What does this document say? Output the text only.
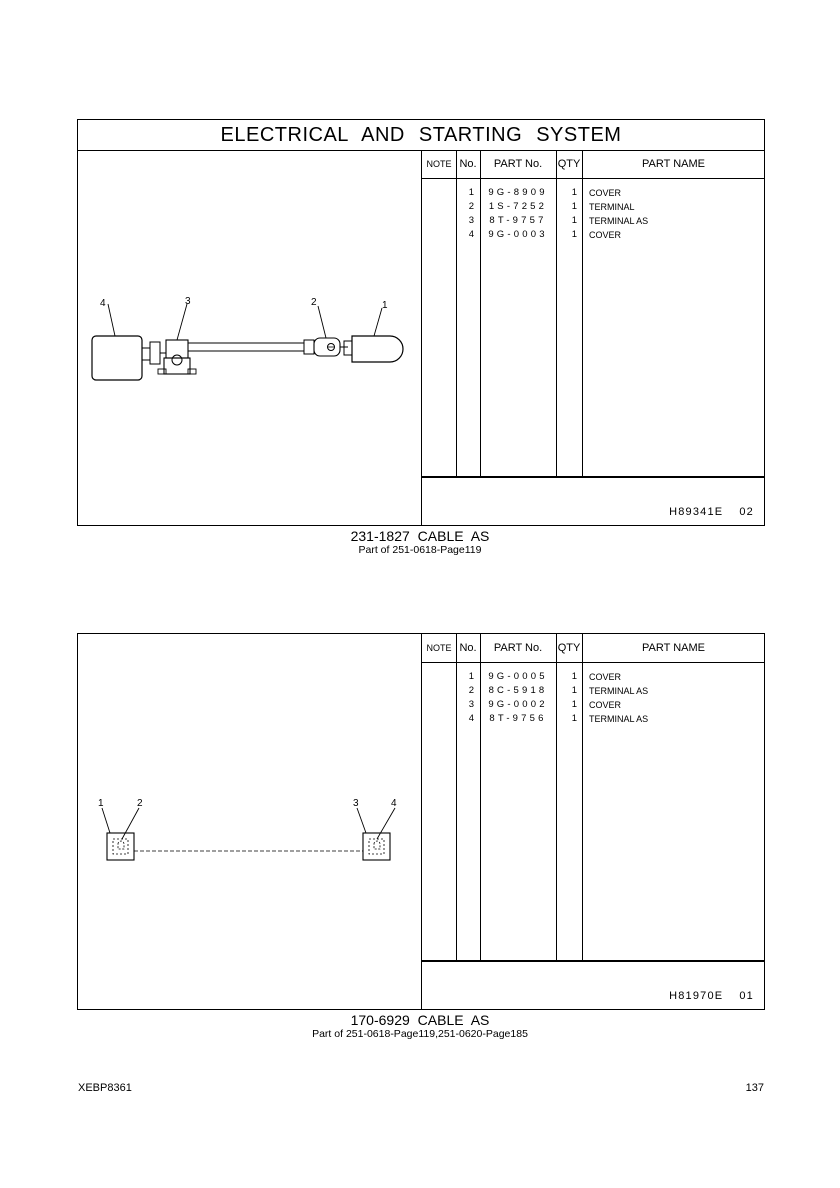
ELECTRICAL AND STARTING SYSTEM
4	3	2	1
NOTE No.	PART No.	QTY	PART NAME
1	9G-8909	1 COVER
2	1S-7252	1 TERMINAL
3	8T-9757	1 TERMINAL AS
4	9G-0003	1 COVER
H89341E 02
231-1827 CABLE AS
Part of 251-0618-Page119
1	2	3	4
NOTE No.	PART No.	QTY	PART NAME
1	9G-0005	1 COVER
2	8C-5918	1 TERMINAL AS
3	9G-0002	1 COVER
4	8T-9756	1 TERMINAL AS
H81970E 01
170-6929 CABLE AS
Part of 251-0618-Page119,251-0620-Page185
XEBP8361	137
